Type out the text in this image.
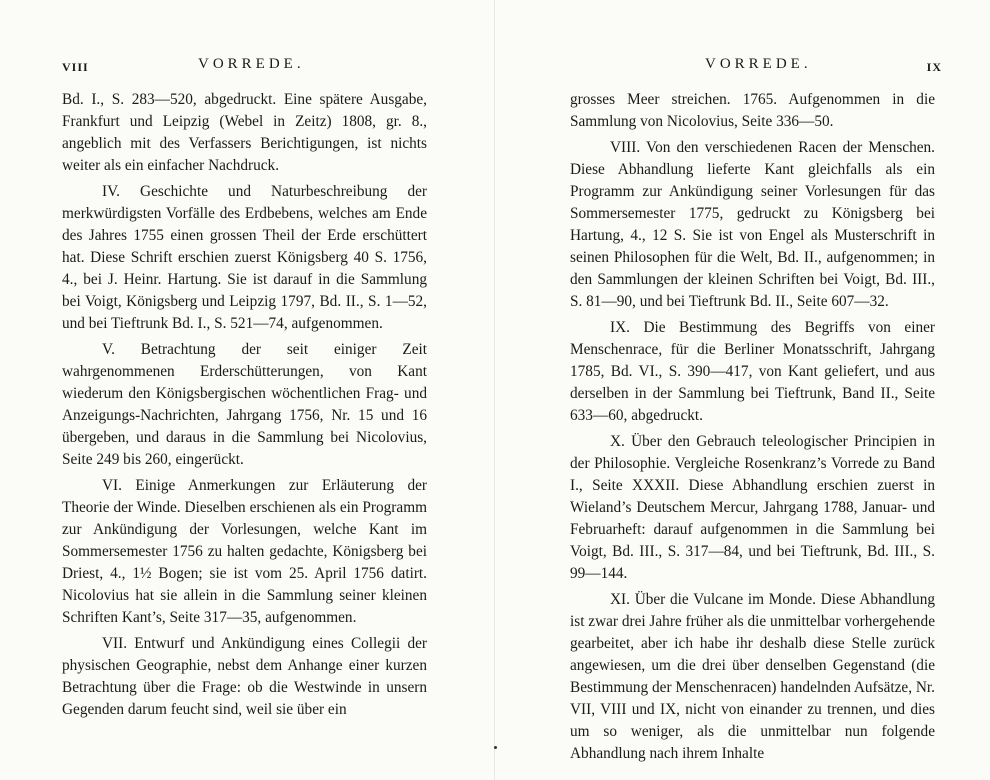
VIII	VORREDE.

Bd. I., S. 283—520, abgedruckt. Eine spätere Ausgabe, Frankfurt und Leipzig (Webel in Zeitz) 1808, gr. 8., angeblich mit des Verfassers Berichtigungen, ist nichts weiter als ein einfacher Nachdruck.

IV. Geschichte und Naturbeschreibung der merkwürdigsten Vorfälle des Erdbebens, welches am Ende des Jahres 1755 einen grossen Theil der Erde erschüttert hat. Diese Schrift erschien zuerst Königsberg 40 S. 1756, 4., bei J. Heinr. Hartung. Sie ist darauf in die Sammlung bei Voigt, Königsberg und Leipzig 1797, Bd. II., S. 1—52, und bei Tieftrunk Bd. I., S. 521—74, aufgenommen.

V. Betrachtung der seit einiger Zeit wahrgenommenen Erderschütterungen, von Kant wiederum den Königsbergischen wöchentlichen Frag- und Anzeigungs-Nachrichten, Jahrgang 1756, Nr. 15 und 16 übergeben, und daraus in die Sammlung bei Nicolovius, Seite 249 bis 260, eingerückt.

VI. Einige Anmerkungen zur Erläuterung der Theorie der Winde. Dieselben erschienen als ein Programm zur Ankündigung der Vorlesungen, welche Kant im Sommersemester 1756 zu halten gedachte, Königsberg bei Driest, 4., 1½ Bogen; sie ist vom 25. April 1756 datirt. Nicolovius hat sie allein in die Sammlung seiner kleinen Schriften Kant’s, Seite 317—35, aufgenommen.

VII. Entwurf und Ankündigung eines Collegii der physischen Geographie, nebst dem Anhange einer kurzen Betrachtung über die Frage: ob die Westwinde in unsern Gegenden darum feucht sind, weil sie über ein

VORREDE.	IX

grosses Meer streichen. 1765. Aufgenommen in die Sammlung von Nicolovius, Seite 336—50.

VIII. Von den verschiedenen Racen der Menschen. Diese Abhandlung lieferte Kant gleichfalls als ein Programm zur Ankündigung seiner Vorlesungen für das Sommersemester 1775, gedruckt zu Königsberg bei Hartung, 4., 12 S. Sie ist von Engel als Musterschrift in seinen Philosophen für die Welt, Bd. II., aufgenommen; in den Sammlungen der kleinen Schriften bei Voigt, Bd. III., S. 81—90, und bei Tieftrunk Bd. II., Seite 607—32.

IX. Die Bestimmung des Begriffs von einer Menschenrace, für die Berliner Monatsschrift, Jahrgang 1785, Bd. VI., S. 390—417, von Kant geliefert, und aus derselben in der Sammlung bei Tieftrunk, Band II., Seite 633—60, abgedruckt.

X. Über den Gebrauch teleologischer Principien in der Philosophie. Vergleiche Rosenkranz’s Vorrede zu Band I., Seite XXXII. Diese Abhandlung erschien zuerst in Wieland’s Deutschem Mercur, Jahrgang 1788, Januar- und Februarheft: darauf aufgenommen in die Sammlung bei Voigt, Bd. III., S. 317—84, und bei Tieftrunk, Bd. III., S. 99—144.

XI. Über die Vulcane im Monde. Diese Abhandlung ist zwar drei Jahre früher als die unmittelbar vorhergehende gearbeitet, aber ich habe ihr deshalb diese Stelle zurück angewiesen, um die drei über denselben Gegenstand (die Bestimmung der Menschenracen) handelnden Aufsätze, Nr. VII, VIII und IX, nicht von einander zu trennen, und dies um so weniger, als die unmittelbar nun folgende Abhandlung nach ihrem Inhalte
